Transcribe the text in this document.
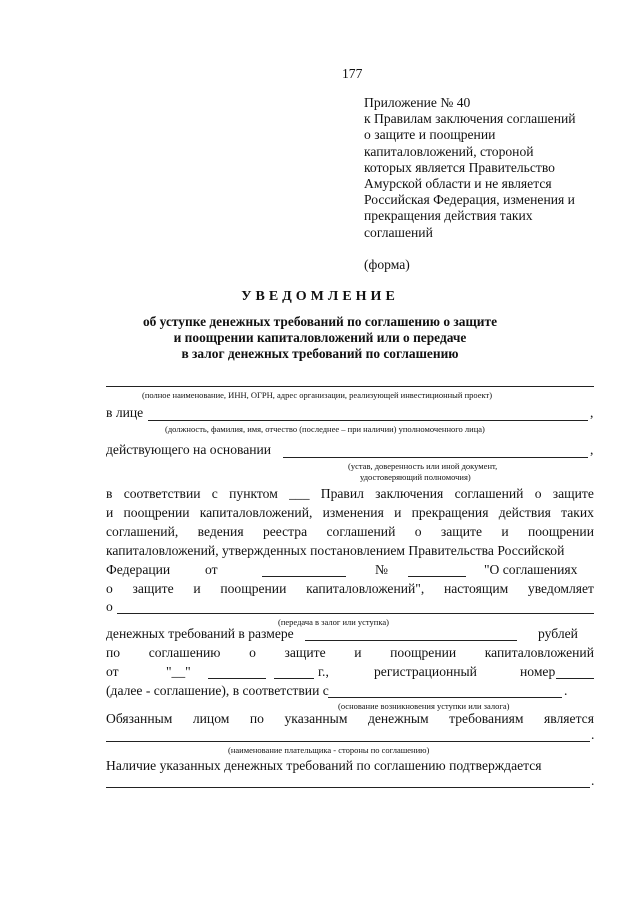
177

Приложение № 40

к Правилам заключения соглашений

о защите и поощрении

капиталовложений, стороной

которых является Правительство

Амурской области и не является

Российская Федерация, изменения и

прекращения действия таких

соглашений

(форма)
УВЕДОМЛЕНИЕ
об уступке денежных требований по соглашению о защите
и поощрении капиталовложений или о передаче
в залог денежных требований по соглашению
(полное наименование, ИНН, ОГРН, адрес организации, реализующей инвестиционный проект)
в лице	,
(должность, фамилия, имя, отчество (последнее – при наличии) уполномоченного лица)
действующего на основании	,
(устав, доверенность или иной документ,
удостоверяющий полномочия)
в соответствии с пунктом ___ Правил заключения соглашений о защите
и поощрении капиталовложений, изменения и прекращения действия таких
соглашений, ведения реестра соглашений о защите и поощрении
капиталовложений, утвержденных постановлением Правительства Российской
Федерации	от	№	"О соглашениях
о защите и поощрении капиталовложений", настоящим уведомляет
о
(передача в залог или уступка)
денежных требований в размере	рублей
по соглашению о защите и поощрении капиталовложений
от	"__"	г.,	регистрационный	номер
(далее - соглашение), в соответствии с	.
(основание возникновения уступки или залога)
Обязанным лицом по указанным денежным требованиям является
.
(наименование плательщика - стороны по соглашению)
Наличие указанных денежных требований по соглашению подтверждается
.
